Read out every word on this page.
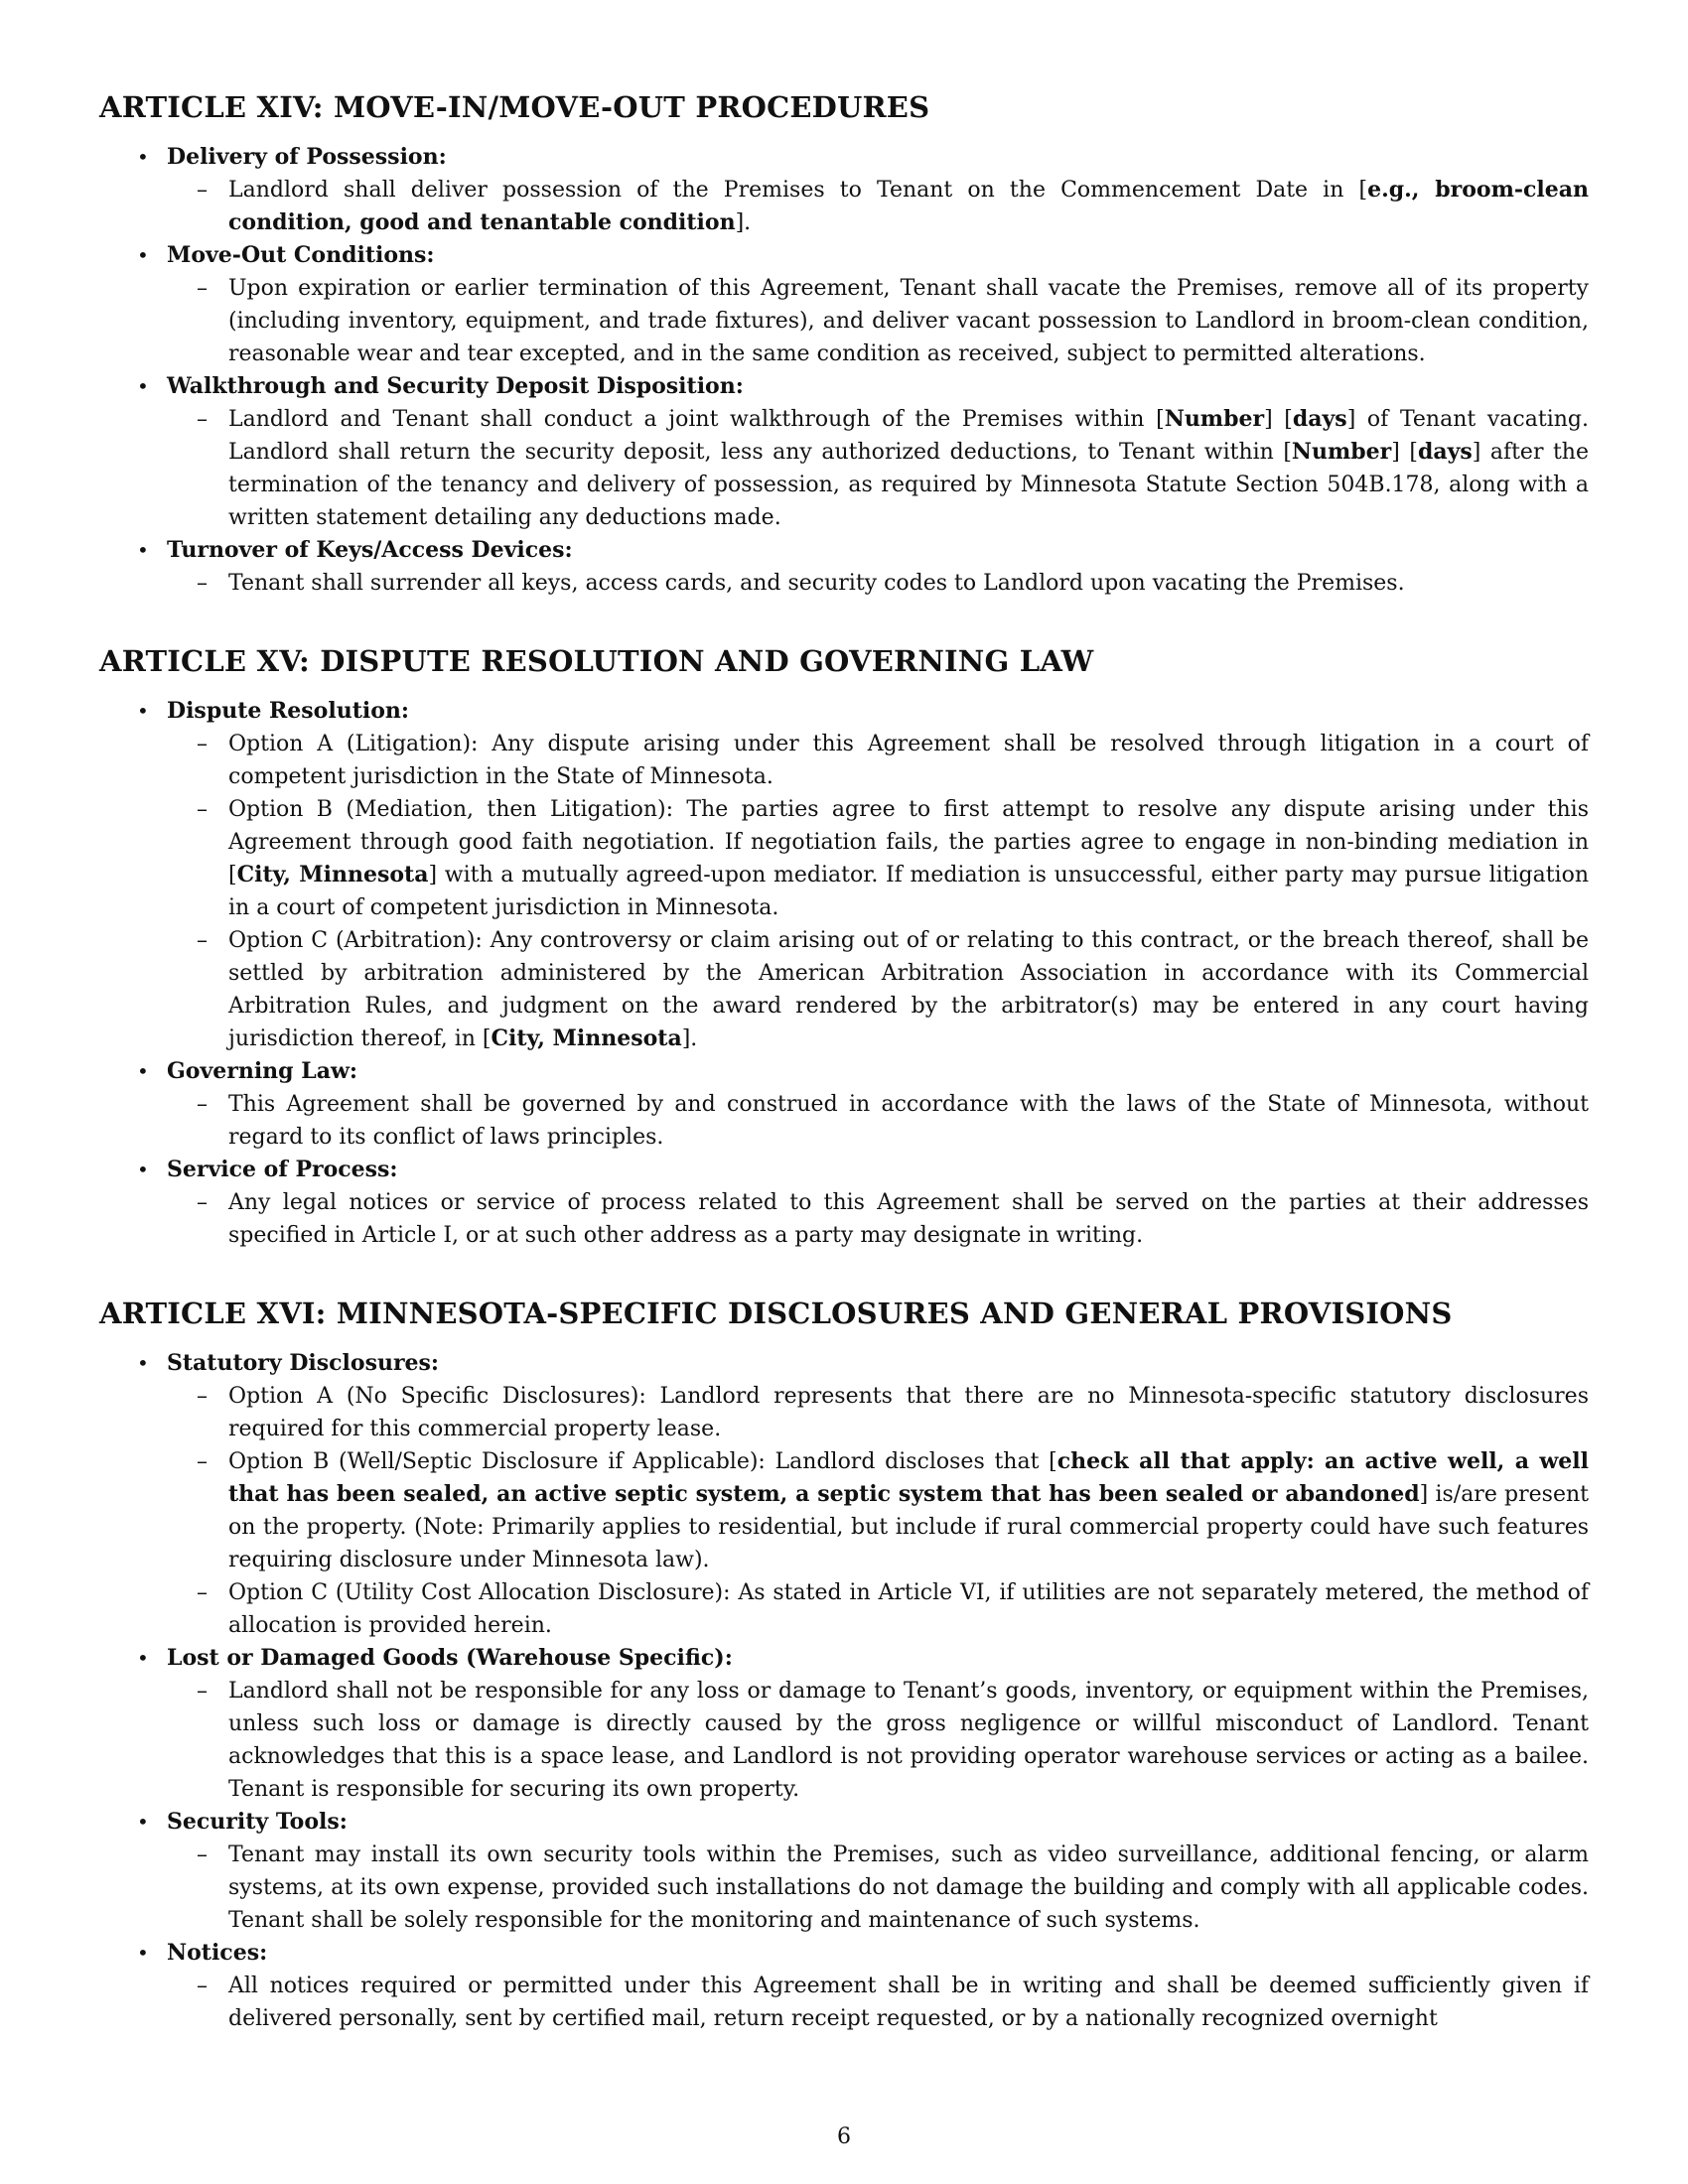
ARTICLE XIV: MOVE-IN/MOVE-OUT PROCEDURES
• Delivery of Possession:
– Landlord shall deliver possession of the Premises to Tenant on the Commencement Date in [e.g., broom-clean condition, good and tenantable condition].
• Move-Out Conditions:
– Upon expiration or earlier termination of this Agreement, Tenant shall vacate the Premises, remove all of its property (including inventory, equipment, and trade fixtures), and deliver vacant possession to Landlord in broom-clean condition, reasonable wear and tear excepted, and in the same condition as received, subject to permitted alterations.
• Walkthrough and Security Deposit Disposition:
– Landlord and Tenant shall conduct a joint walkthrough of the Premises within [Number] [days] of Tenant vacating. Landlord shall return the security deposit, less any authorized deductions, to Tenant within [Number] [days] after the termination of the tenancy and delivery of possession, as required by Minnesota Statute Section 504B.178, along with a written statement detailing any deductions made.
• Turnover of Keys/Access Devices:
– Tenant shall surrender all keys, access cards, and security codes to Landlord upon vacating the Premises.
ARTICLE XV: DISPUTE RESOLUTION AND GOVERNING LAW
• Dispute Resolution:
– Option A (Litigation): Any dispute arising under this Agreement shall be resolved through litigation in a court of competent jurisdiction in the State of Minnesota.
– Option B (Mediation, then Litigation): The parties agree to first attempt to resolve any dispute arising under this Agreement through good faith negotiation. If negotiation fails, the parties agree to engage in non-binding mediation in [City, Minnesota] with a mutually agreed-upon mediator. If mediation is unsuccessful, either party may pursue litigation in a court of competent jurisdiction in Minnesota.
– Option C (Arbitration): Any controversy or claim arising out of or relating to this contract, or the breach thereof, shall be settled by arbitration administered by the American Arbitration Association in accordance with its Commercial Arbitration Rules, and judgment on the award rendered by the arbitrator(s) may be entered in any court having jurisdiction thereof, in [City, Minnesota].
• Governing Law:
– This Agreement shall be governed by and construed in accordance with the laws of the State of Minnesota, without regard to its conflict of laws principles.
• Service of Process:
– Any legal notices or service of process related to this Agreement shall be served on the parties at their addresses specified in Article I, or at such other address as a party may designate in writing.
ARTICLE XVI: MINNESOTA-SPECIFIC DISCLOSURES AND GENERAL PROVISIONS
• Statutory Disclosures:
– Option A (No Specific Disclosures): Landlord represents that there are no Minnesota-specific statutory disclosures required for this commercial property lease.
– Option B (Well/Septic Disclosure if Applicable): Landlord discloses that [check all that apply: an active well, a well that has been sealed, an active septic system, a septic system that has been sealed or abandoned] is/are present on the property. (Note: Primarily applies to residential, but include if rural commercial property could have such features requiring disclosure under Minnesota law).
– Option C (Utility Cost Allocation Disclosure): As stated in Article VI, if utilities are not separately metered, the method of allocation is provided herein.
• Lost or Damaged Goods (Warehouse Specific):
– Landlord shall not be responsible for any loss or damage to Tenant’s goods, inventory, or equipment within the Premises, unless such loss or damage is directly caused by the gross negligence or willful misconduct of Landlord. Tenant acknowledges that this is a space lease, and Landlord is not providing operator warehouse services or acting as a bailee. Tenant is responsible for securing its own property.
• Security Tools:
– Tenant may install its own security tools within the Premises, such as video surveillance, additional fencing, or alarm systems, at its own expense, provided such installations do not damage the building and comply with all applicable codes. Tenant shall be solely responsible for the monitoring and maintenance of such systems.
• Notices:
– All notices required or permitted under this Agreement shall be in writing and shall be deemed sufficiently given if delivered personally, sent by certified mail, return receipt requested, or by a nationally recognized overnight
6
